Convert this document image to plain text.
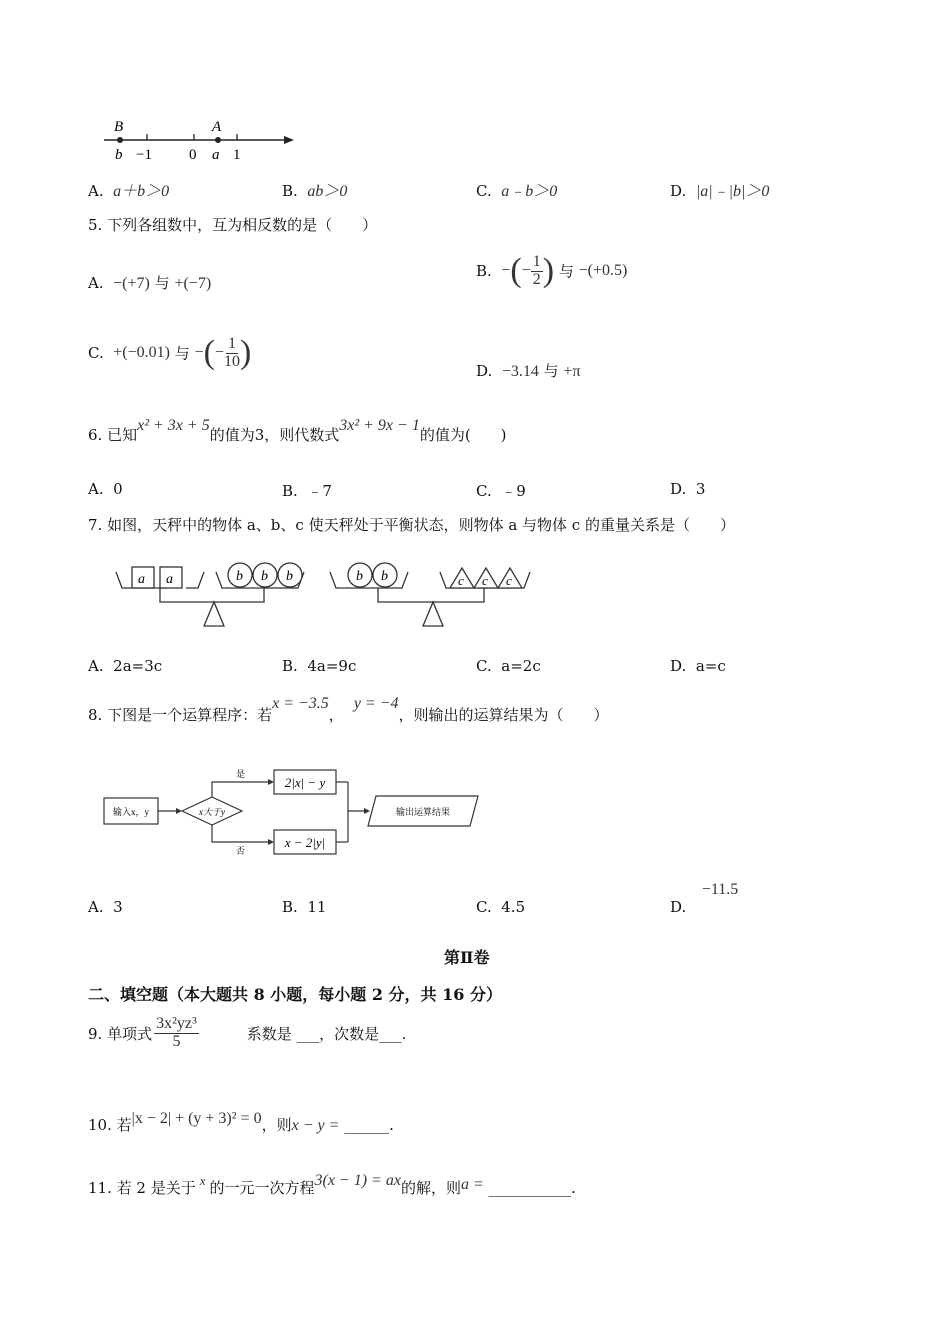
B	A
b −1 0 a 1
A. a＋b＞0	B. ab＞0	C. a﹣b＞0	D. |a|﹣|b|＞0
5. 下列各组数中，互为相反数的是（　　）
A. −(+7) 与 +(−7)
B. −(− $\frac{1}{2}$ ) 与 −(+0.5)
C. +(−0.01) 与 −(− $\frac{1}{10}$ )	D. −3.14 与 +π
6. 已知x² + 3x + 5的值为3，则代数式3x² + 9x − 1的值为(　　)
A. 0	B. ﹣7	C. ﹣9	D. 3
7. 如图，天秤中的物体 a、b、c 使天秤处于平衡状态，则物体 a 与物体 c 的重量关系是（　　）
a a	b b b	b b	c c c
A. 2a=3c	B. 4a=9c	C. a=2c	D. a=c
8. 下图是一个运算程序：若x = −3.5，y = −4，则输出的运算结果为（　　）
输入x，y	x大于y
是
否
2|x| − y
x − 2|y|
输出运算结果
A. 3	B. 11	C. 4.5	D.  −11.5
第Ⅱ卷
二、填空题（本大题共 8 小题，每小题 2 分，共 16 分）
9. 单项式 $\frac{\text{3x²yz³}}{5}$	系数是 ___，次数是___.
10. 若|x − 2| + (y + 3)² = 0，则x − y = ______.
11. 若 2 是关于 x 的一元一次方程3(x − 1) = ax的解，则a = ___________.
